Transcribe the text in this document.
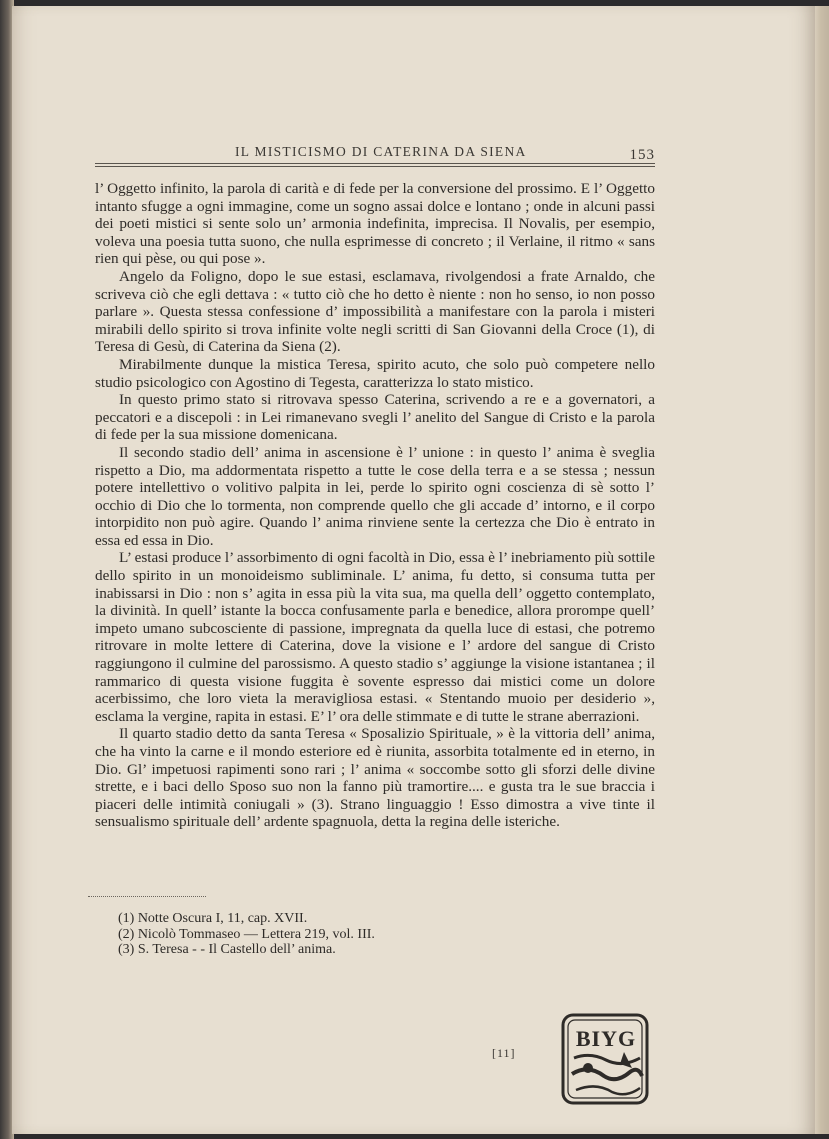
IL MISTICISMO DI CATERINA DA SIENA	153

l’ Oggetto infinito, la parola di carità e di fede per la conversione del prossimo. E l’ Oggetto intanto sfugge a ogni immagine, come un sogno assai dolce e lontano ; onde in alcuni passi dei poeti mistici si sente solo un’ armonia indefinita, imprecisa. Il Novalis, per esempio, voleva una poesia tutta suono, che nulla esprimesse di concreto ; il Verlaine, il ritmo « sans rien qui pèse, ou qui pose ».

Angelo da Foligno, dopo le sue estasi, esclamava, rivolgendosi a frate Arnaldo, che scriveva ciò che egli dettava : « tutto ciò che ho detto è niente : non ho senso, io non posso parlare ». Questa stessa confessione d’ impossibilità a manifestare con la parola i misteri mirabili dello spirito si trova infinite volte negli scritti di San Giovanni della Croce (1), di Teresa di Gesù, di Caterina da Siena (2).

Mirabilmente dunque la mistica Teresa, spirito acuto, che solo può competere nello studio psicologico con Agostino di Tegesta, caratterizza lo stato mistico.

In questo primo stato si ritrovava spesso Caterina, scrivendo a re e a governatori, a peccatori e a discepoli : in Lei rimanevano svegli l’ anelito del Sangue di Cristo e la parola di fede per la sua missione domenicana.

Il secondo stadio dell’ anima in ascensione è l’ unione : in questo l’ anima è sveglia rispetto a Dio, ma addormentata rispetto a tutte le cose della terra e a se stessa ; nessun potere intellettivo o volitivo palpita in lei, perde lo spirito ogni coscienza di sè sotto l’ occhio di Dio che lo tormenta, non comprende quello che gli accade d’ intorno, e il corpo intorpidito non può agire. Quando l’ anima rinviene sente la certezza che Dio è entrato in essa ed essa in Dio.

L’ estasi produce l’ assorbimento di ogni facoltà in Dio, essa è l’ inebriamento più sottile dello spirito in un monoideismo subliminale. L’ anima, fu detto, si consuma tutta per inabissarsi in Dio : non s’ agita in essa più la vita sua, ma quella dell’ oggetto contemplato, la divinità. In quell’ istante la bocca confusamente parla e benedice, allora prorompe quell’ impeto umano subcosciente di passione, impregnata da quella luce di estasi, che potremo ritrovare in molte lettere di Caterina, dove la visione e l’ ardore del sangue di Cristo raggiungono il culmine del parossismo. A questo stadio s’ aggiunge la visione istantanea ; il rammarico di questa visione fuggita è sovente espresso dai mistici come un dolore acerbissimo, che loro vieta la meravigliosa estasi. « Stentando muoio per desiderio », esclama la vergine, rapita in estasi. E’ l’ ora delle stimmate e di tutte le strane aberrazioni.

Il quarto stadio detto da santa Teresa « Sposalizio Spirituale, » è la vittoria dell’ anima, che ha vinto la carne e il mondo esteriore ed è riunita, assorbita totalmente ed in eterno, in Dio. Gl’ impetuosi rapimenti sono rari ; l’ anima « soccombe sotto gli sforzi delle divine strette, e i baci dello Sposo suo non la fanno più tramortire.... e gusta tra le sue braccia i piaceri delle intimità coniugali » (3). Strano linguaggio ! Esso dimostra a vive tinte il sensualismo spirituale dell’ ardente spagnuola, detta la regina delle isteriche.

(1) Notte Oscura I, 11, cap. XVII.
(2) Nicolò Tommaseo — Lettera 219, vol. III.
(3) S. Teresa - - Il Castello dell’ anima.
[11]
BIYG
